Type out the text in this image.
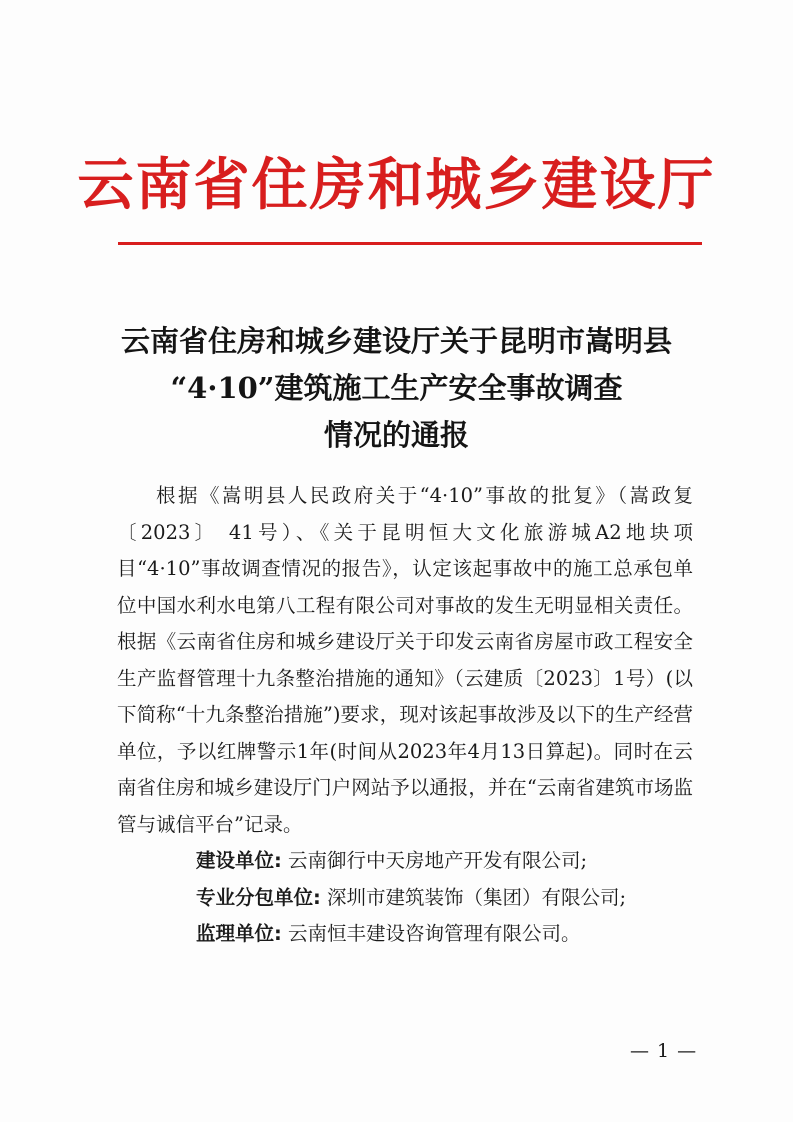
云南省住房和城乡建设厅
云南省住房和城乡建设厅关于昆明市嵩明县
“4·10”建筑施工生产安全事故调查
情况的通报

根据《嵩明县人民政府关于“4·10”事故的批复》（嵩政复〔2023〕 41号）、《关于昆明恒大文化旅游城A2地块项目“4·10”事故调查情况的报告》，认定该起事故中的施工总承包单位中国水利水电第八工程有限公司对事故的发生无明显相关责任。根据《云南省住房和城乡建设厅关于印发云南省房屋市政工程安全生产监督管理十九条整治措施的通知》（云建质〔2023〕1号）(以下简称“十九条整治措施”)要求，现对该起事故涉及以下的生产经营单位，予以红牌警示1年(时间从2023年4月13日算起)。同时在云南省住房和城乡建设厅门户网站予以通报，并在“云南省建筑市场监管与诚信平台”记录。

建设单位: 云南御行中天房地产开发有限公司;

专业分包单位: 深圳市建筑装饰（集团）有限公司;

监理单位: 云南恒丰建设咨询管理有限公司。

— 1 —
